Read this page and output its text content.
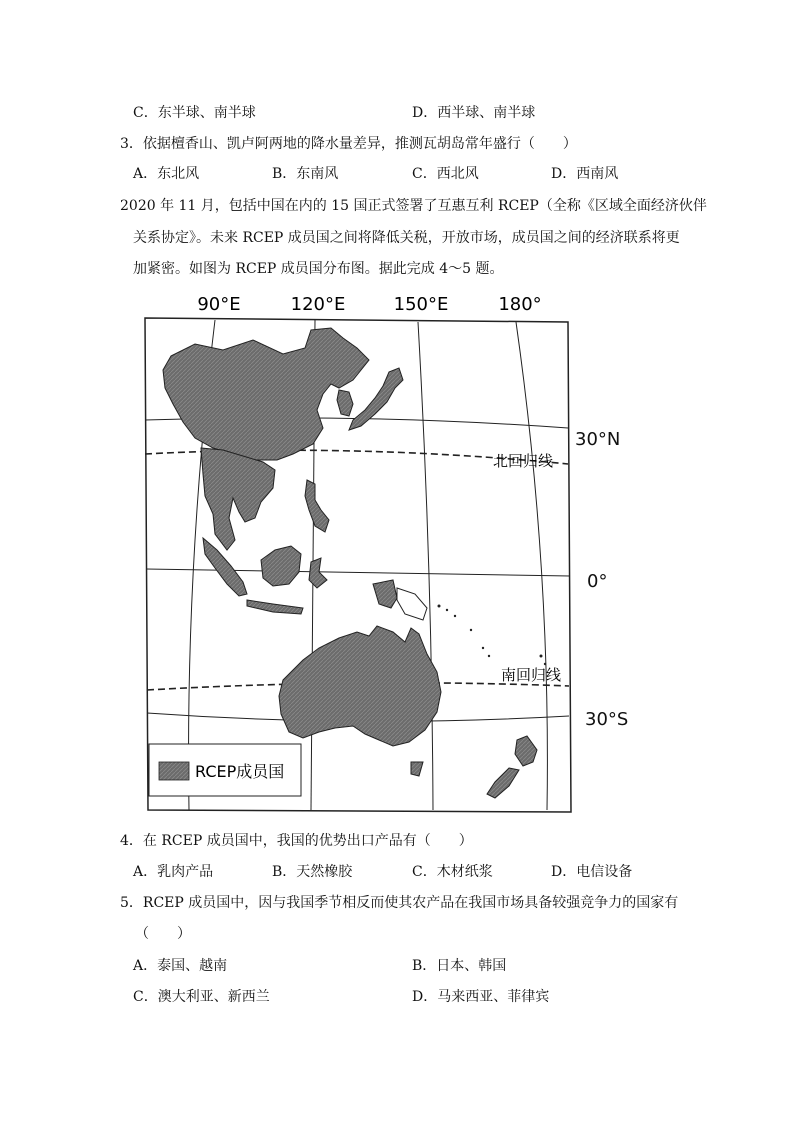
C．东半球、南半球	D．西半球、南半球
3．依据檀香山、凯卢阿两地的降水量差异，推测瓦胡岛常年盛行（　　）
A．东北风	B．东南风	C．西北风	D．西南风
2020 年 11 月，包括中国在内的 15 国正式签署了互惠互利 RCEP（全称《区域全面经济伙伴
关系协定》。未来 RCEP 成员国之间将降低关税，开放市场，成员国之间的经济联系将更
加紧密。如图为 RCEP 成员国分布图。据此完成 4～5 题。
90°E	120°E	150°E	180°
北回归线
南回归线
RCEP成员国
30°N
0°
30°S
4．在 RCEP 成员国中，我国的优势出口产品有（　　）
A．乳肉产品	B．天然橡胶	C．木材纸浆	D．电信设备
5．RCEP 成员国中，因与我国季节相反而使其农产品在我国市场具备较强竞争力的国家有
（　　）
A．泰国、越南	B．日本、韩国
C．澳大利亚、新西兰	D．马来西亚、菲律宾
